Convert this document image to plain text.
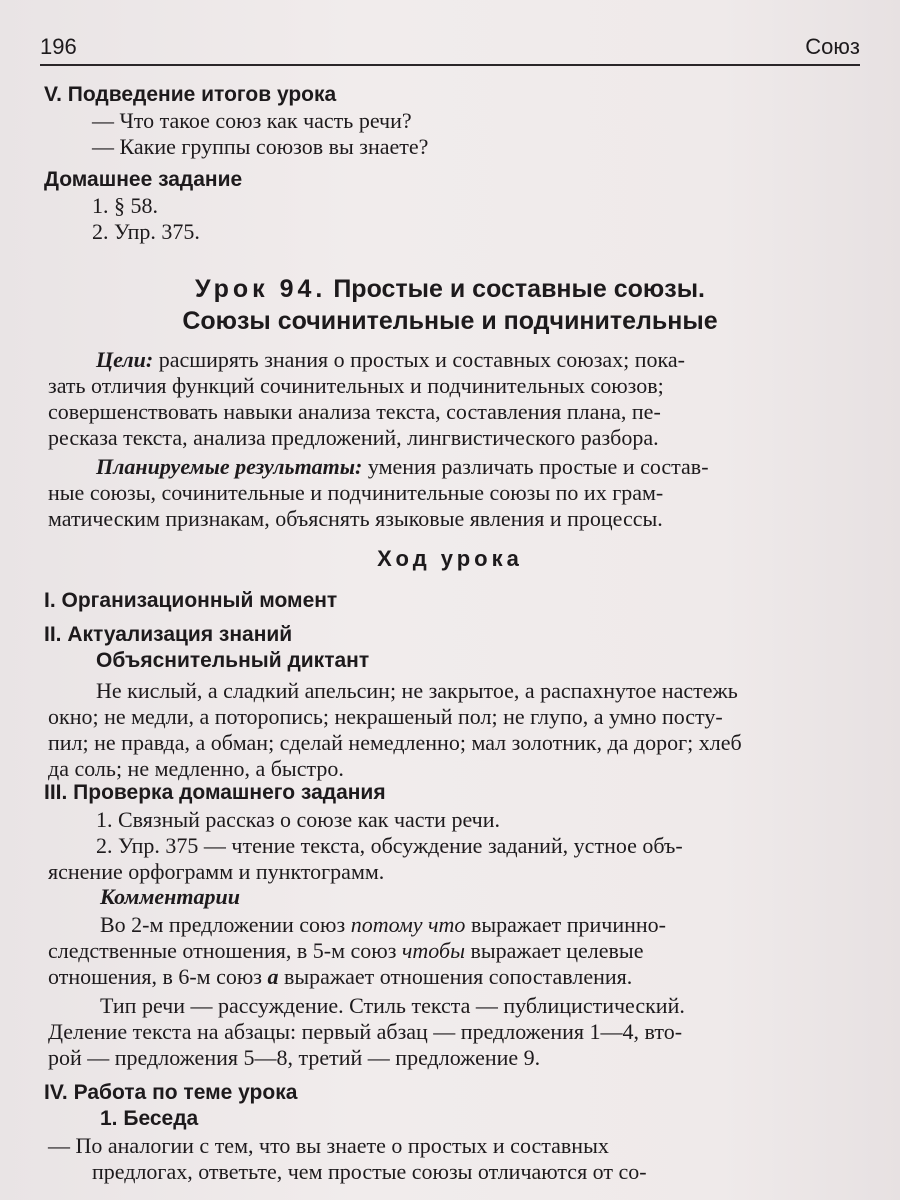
196	Союз
V. Подведение итогов урока
— Что такое союз как часть речи?
— Какие группы союзов вы знаете?
Домашнее задание
1. § 58.
2. Упр. 375.
Урок 94. Простые и составные союзы.
Союзы сочинительные и подчинительные
Цели: расширять знания о простых и составных союзах; пока-
зать отличия функций сочинительных и подчинительных союзов;
совершенствовать навыки анализа текста, составления плана, пе-
ресказа текста, анализа предложений, лингвистического разбора.
Планируемые результаты: умения различать простые и состав-
ные союзы, сочинительные и подчинительные союзы по их грам-
матическим признакам, объяснять языковые явления и процессы.
Ход урока
I. Организационный момент
II. Актуализация знаний
Объяснительный диктант
Не кислый, а сладкий апельсин; не закрытое, а распахнутое настежь
окно; не медли, а поторопись; некрашеный пол; не глупо, а умно посту-
пил; не правда, а обман; сделай немедленно; мал золотник, да дорог; хлеб
да соль; не медленно, а быстро.
III. Проверка домашнего задания
1. Связный рассказ о союзе как части речи.
2. Упр. 375 — чтение текста, обсуждение заданий, устное объ-
яснение орфограмм и пунктограмм.
Комментарии
Во 2-м предложении союз потому что выражает причинно-
следственные отношения, в 5-м союз чтобы выражает целевые
отношения, в 6-м союз а выражает отношения сопоставления.
Тип речи — рассуждение. Стиль текста — публицистический.
Деление текста на абзацы: первый абзац — предложения 1—4, вто-
рой — предложения 5—8, третий — предложение 9.
IV. Работа по теме урока
1. Беседа
— По аналогии с тем, что вы знаете о простых и составных
предлогах, ответьте, чем простые союзы отличаются от со-
